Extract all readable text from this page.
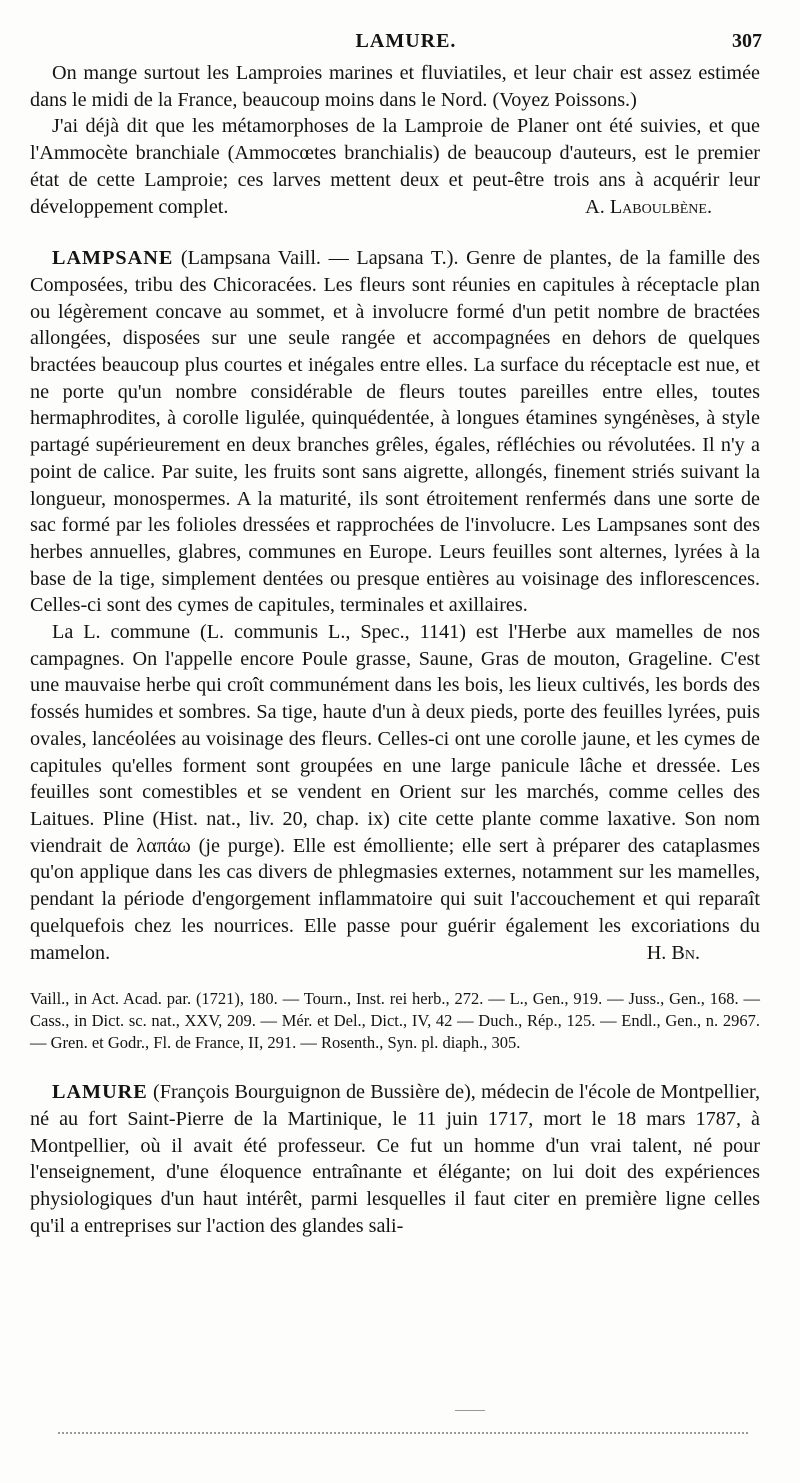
LAMURE.	307

On mange surtout les Lamproies marines et fluviatiles, et leur chair est assez estimée dans le midi de la France, beaucoup moins dans le Nord. (Voyez Poissons.)

J'ai déjà dit que les métamorphoses de la Lamproie de Planer ont été suivies, et que l'Ammocète branchiale (Ammocœtes branchialis) de beaucoup d'auteurs, est le premier état de cette Lamproie; ces larves mettent deux et peut-être trois ans à acquérir leur développement complet.	A. Laboulbène.

LAMPSANE (Lampsana Vaill. — Lapsana T.). Genre de plantes, de la famille des Composées, tribu des Chicoracées. Les fleurs sont réunies en capitules à réceptacle plan ou légèrement concave au sommet, et à involucre formé d'un petit nombre de bractées allongées, disposées sur une seule rangée et accompagnées en dehors de quelques bractées beaucoup plus courtes et inégales entre elles. La surface du réceptacle est nue, et ne porte qu'un nombre considérable de fleurs toutes pareilles entre elles, toutes hermaphrodites, à corolle ligulée, quinquédentée, à longues étamines syngénèses, à style partagé supérieurement en deux branches grêles, égales, réfléchies ou révolutées. Il n'y a point de calice. Par suite, les fruits sont sans aigrette, allongés, finement striés suivant la longueur, monospermes. A la maturité, ils sont étroitement renfermés dans une sorte de sac formé par les folioles dressées et rapprochées de l'involucre. Les Lampsanes sont des herbes annuelles, glabres, communes en Europe. Leurs feuilles sont alternes, lyrées à la base de la tige, simplement dentées ou presque entières au voisinage des inflorescences. Celles-ci sont des cymes de capitules, terminales et axillaires.

La L. commune (L. communis L., Spec., 1141) est l'Herbe aux mamelles de nos campagnes. On l'appelle encore Poule grasse, Saune, Gras de mouton, Grageline. C'est une mauvaise herbe qui croît communément dans les bois, les lieux cultivés, les bords des fossés humides et sombres. Sa tige, haute d'un à deux pieds, porte des feuilles lyrées, puis ovales, lancéolées au voisinage des fleurs. Celles-ci ont une corolle jaune, et les cymes de capitules qu'elles forment sont groupées en une large panicule lâche et dressée. Les feuilles sont comestibles et se vendent en Orient sur les marchés, comme celles des Laitues. Pline (Hist. nat., liv. 20, chap. ix) cite cette plante comme laxative. Son nom viendrait de λαπάω (je purge). Elle est émolliente; elle sert à préparer des cataplasmes qu'on applique dans les cas divers de phlegmasies externes, notamment sur les mamelles, pendant la période d'engorgement inflammatoire qui suit l'accouchement et qui reparaît quelquefois chez les nourrices. Elle passe pour guérir également les excoriations du mamelon.	H. Bn.

Vaill., in Act. Acad. par. (1721), 180. — Tourn., Inst. rei herb., 272. — L., Gen., 919. — Juss., Gen., 168. — Cass., in Dict. sc. nat., XXV, 209. — Mér. et Del., Dict., IV, 42 — Duch., Rép., 125. — Endl., Gen., n. 2967. — Gren. et Godr., Fl. de France, II, 291. — Rosenth., Syn. pl. diaph., 305.

LAMURE (François Bourguignon de Bussière de), médecin de l'école de Montpellier, né au fort Saint-Pierre de la Martinique, le 11 juin 1717, mort le 18 mars 1787, à Montpellier, où il avait été professeur. Ce fut un homme d'un vrai talent, né pour l'enseignement, d'une éloquence entraînante et élégante; on lui doit des expériences physiologiques d'un haut intérêt, parmi lesquelles il faut citer en première ligne celles qu'il a entreprises sur l'action des glandes sali-
